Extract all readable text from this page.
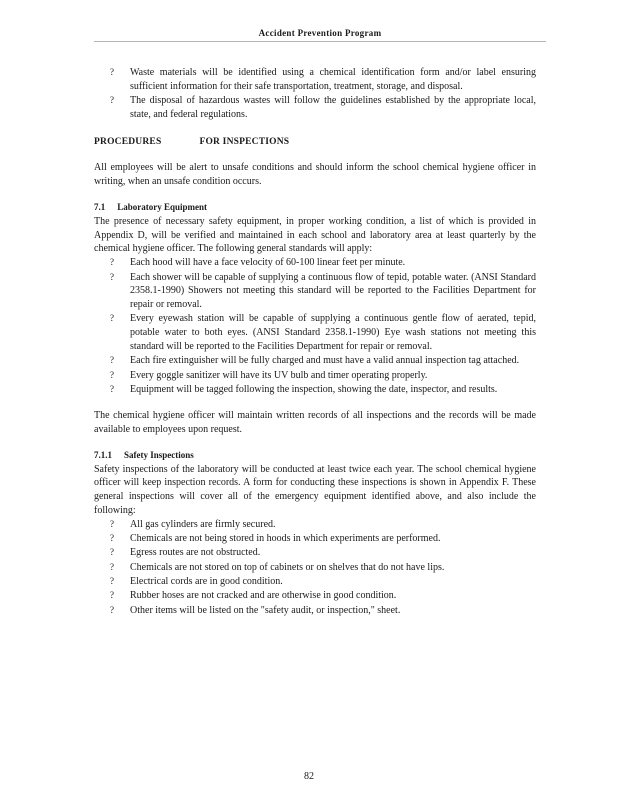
Accident Prevention Program
? Waste materials will be identified using a chemical identification form and/or label ensuring sufficient information for their safe transportation, treatment, storage, and disposal.
? The disposal of hazardous wastes will follow the guidelines established by the appropriate local, state, and federal regulations.
PROCEDURES	FOR INSPECTIONS

All employees will be alert to unsafe conditions and should inform the school chemical hygiene officer in writing, when an unsafe condition occurs.

7.1 Laboratory Equipment

The presence of necessary safety equipment, in proper working condition, a list of which is provided in Appendix D, will be verified and maintained in each school and laboratory area at least quarterly by the chemical hygiene officer. The following general standards will apply:

? Each hood will have a face velocity of 60-100 linear feet per minute.
? Each shower will be capable of supplying a continuous flow of tepid, potable water. (ANSI Standard 2358.1-1990) Showers not meeting this standard will be reported to the Facilities Department for repair or removal.
? Every eyewash station will be capable of supplying a continuous gentle flow of aerated, tepid, potable water to both eyes. (ANSI Standard 2358.1-1990) Eye wash stations not meeting this standard will be reported to the Facilities Department for repair or removal.
? Each fire extinguisher will be fully charged and must have a valid annual inspection tag attached.
? Every goggle sanitizer will have its UV bulb and timer operating properly.
? Equipment will be tagged following the inspection, showing the date, inspector, and results.

The chemical hygiene officer will maintain written records of all inspections and the records will be made available to employees upon request.

7.1.1 Safety Inspections

Safety inspections of the laboratory will be conducted at least twice each year. The school chemical hygiene officer will keep inspection records. A form for conducting these inspections is shown in Appendix F. These general inspections will cover all of the emergency equipment identified above, and also include the following:

? All gas cylinders are firmly secured.
? Chemicals are not being stored in hoods in which experiments are performed.
? Egress routes are not obstructed.
? Chemicals are not stored on top of cabinets or on shelves that do not have lips.
? Electrical cords are in good condition.
? Rubber hoses are not cracked and are otherwise in good condition.
? Other items will be listed on the "safety audit, or inspection," sheet.
82
